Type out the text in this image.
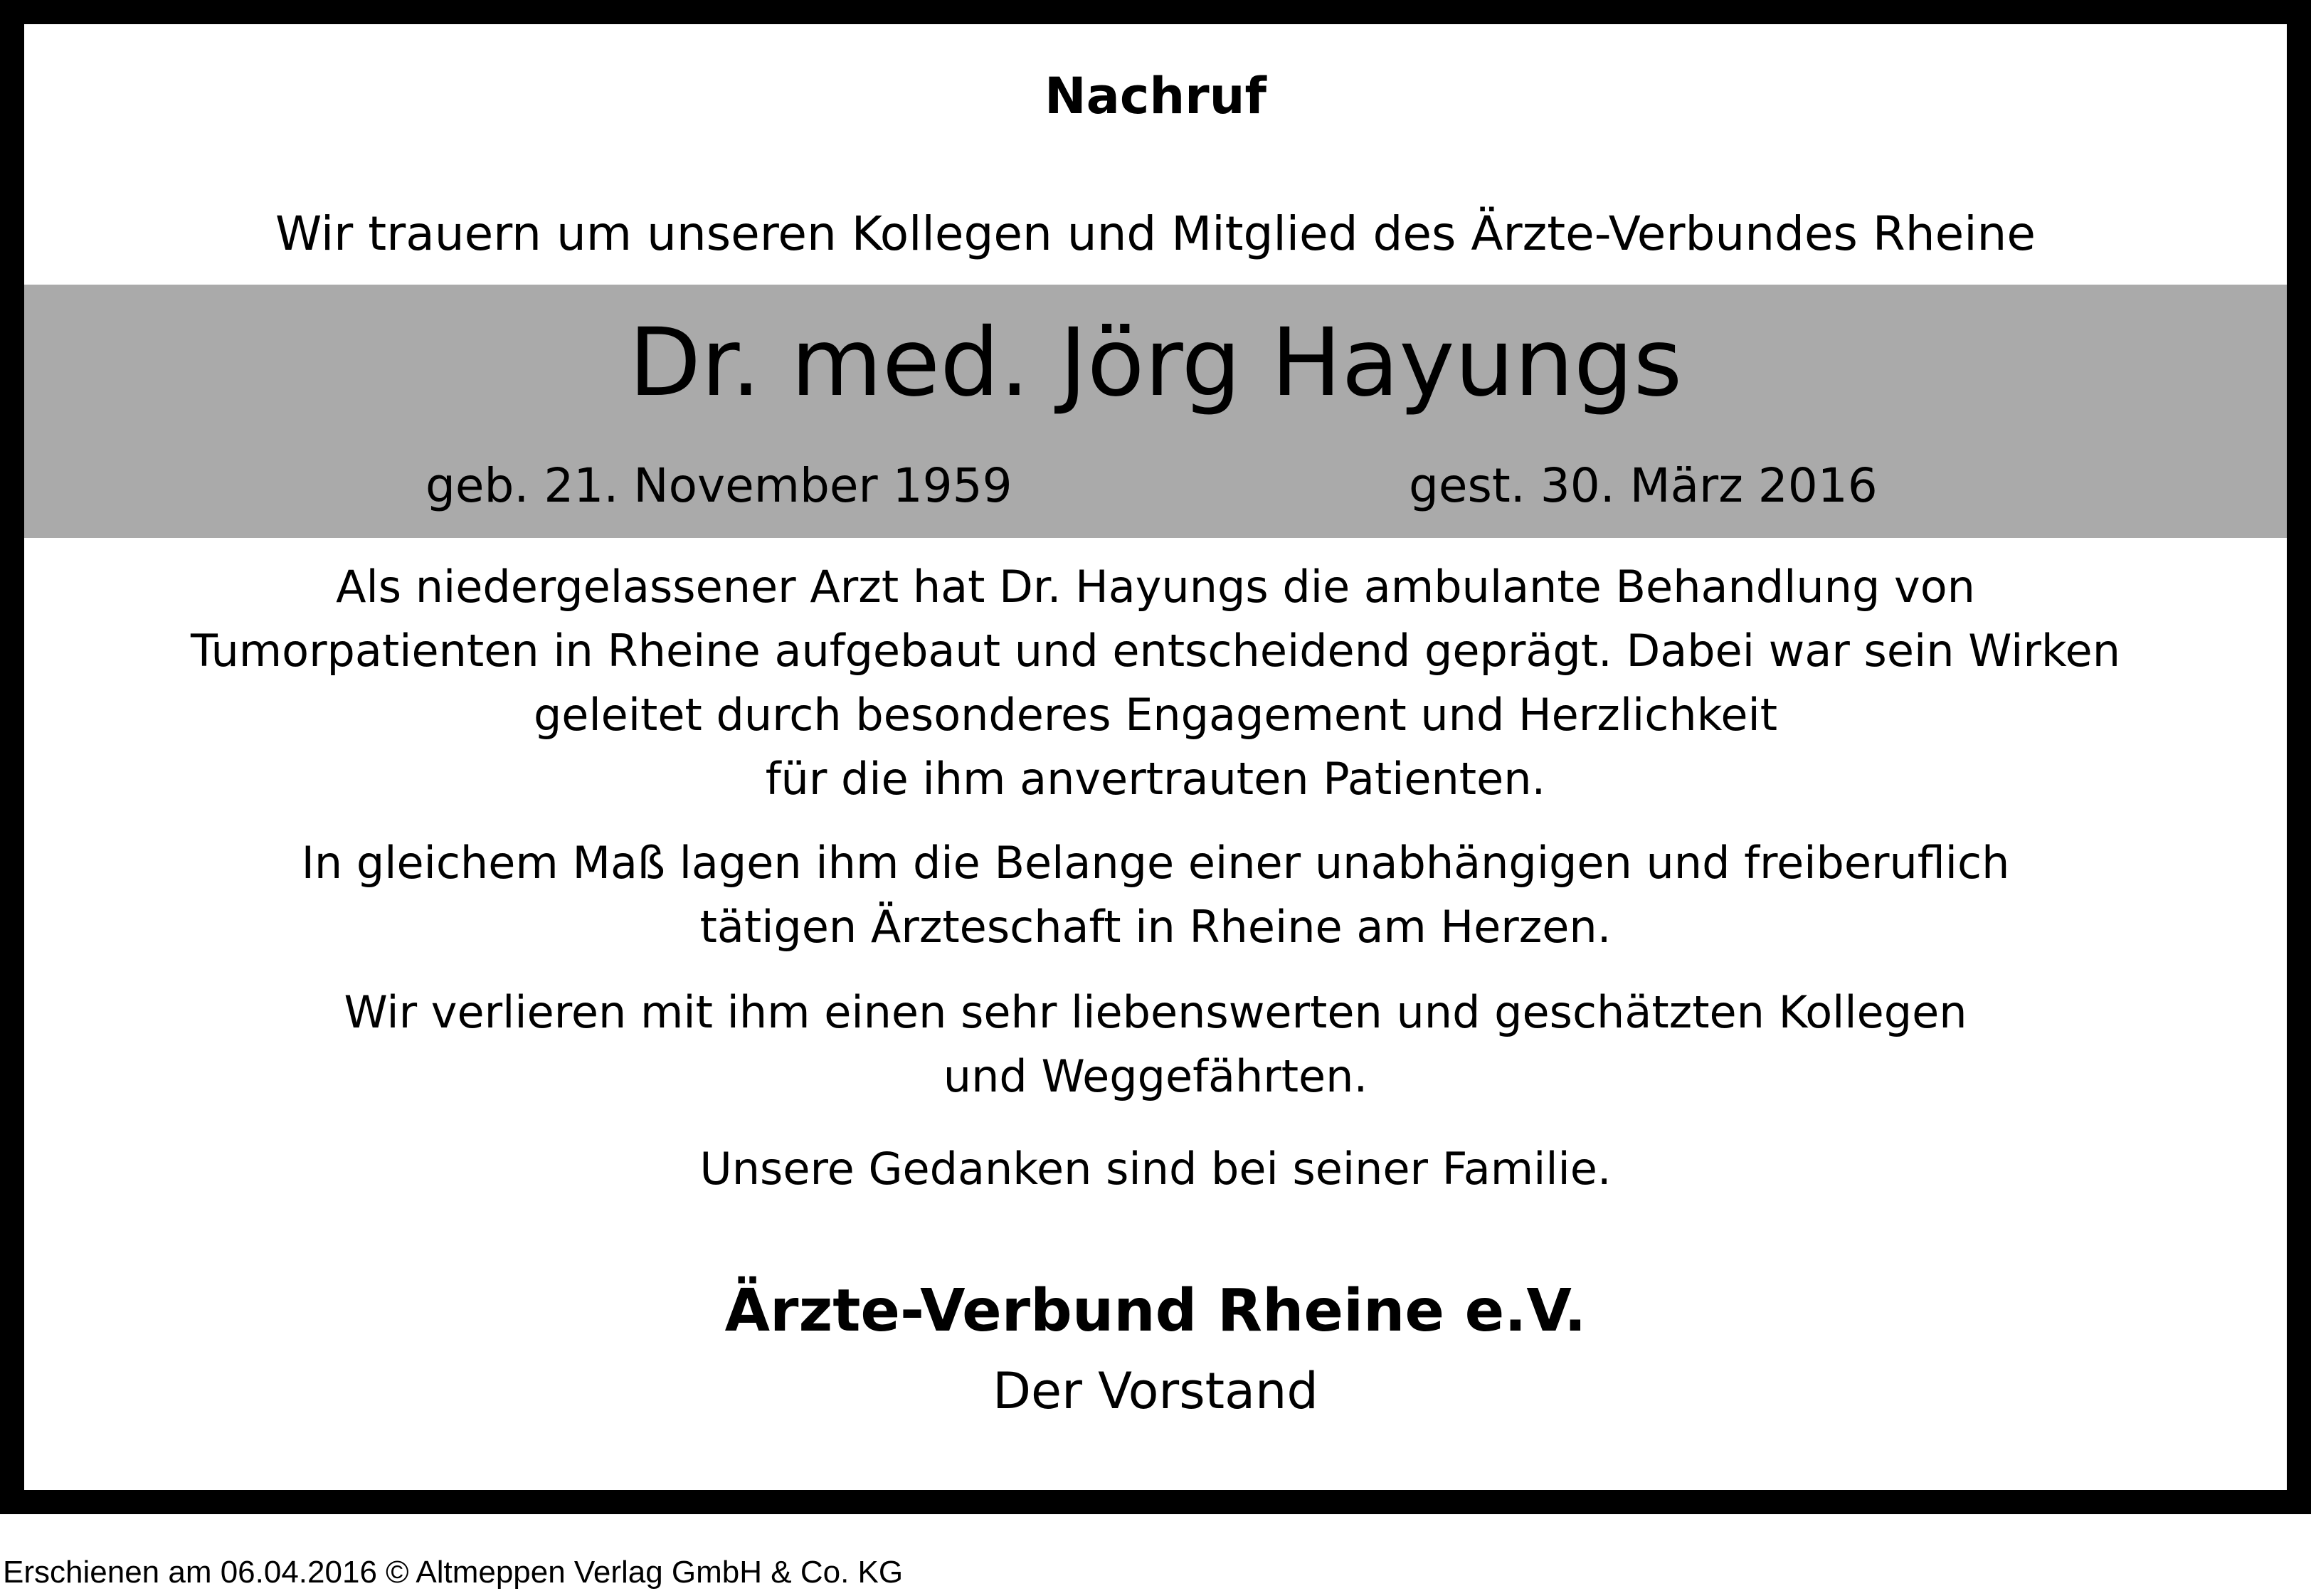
Nachruf
Wir trauern um unseren Kollegen und Mitglied des Ärzte-Verbundes Rheine
Dr. med. Jörg Hayungs
geb. 21. November 1959	gest. 30. März 2016
Als niedergelassener Arzt hat Dr. Hayungs die ambulante Behandlung von
Tumorpatienten in Rheine aufgebaut und entscheidend geprägt. Dabei war sein Wirken
geleitet durch besonderes Engagement und Herzlichkeit
für die ihm anvertrauten Patienten.
In gleichem Maß lagen ihm die Belange einer unabhängigen und freiberuflich
tätigen Ärzteschaft in Rheine am Herzen.
Wir verlieren mit ihm einen sehr liebenswerten und geschätzten Kollegen
und Weggefährten.
Unsere Gedanken sind bei seiner Familie.
Ärzte-Verbund Rheine e.V.
Der Vorstand
Erschienen am 06.04.2016 © Altmeppen Verlag GmbH & Co. KG
